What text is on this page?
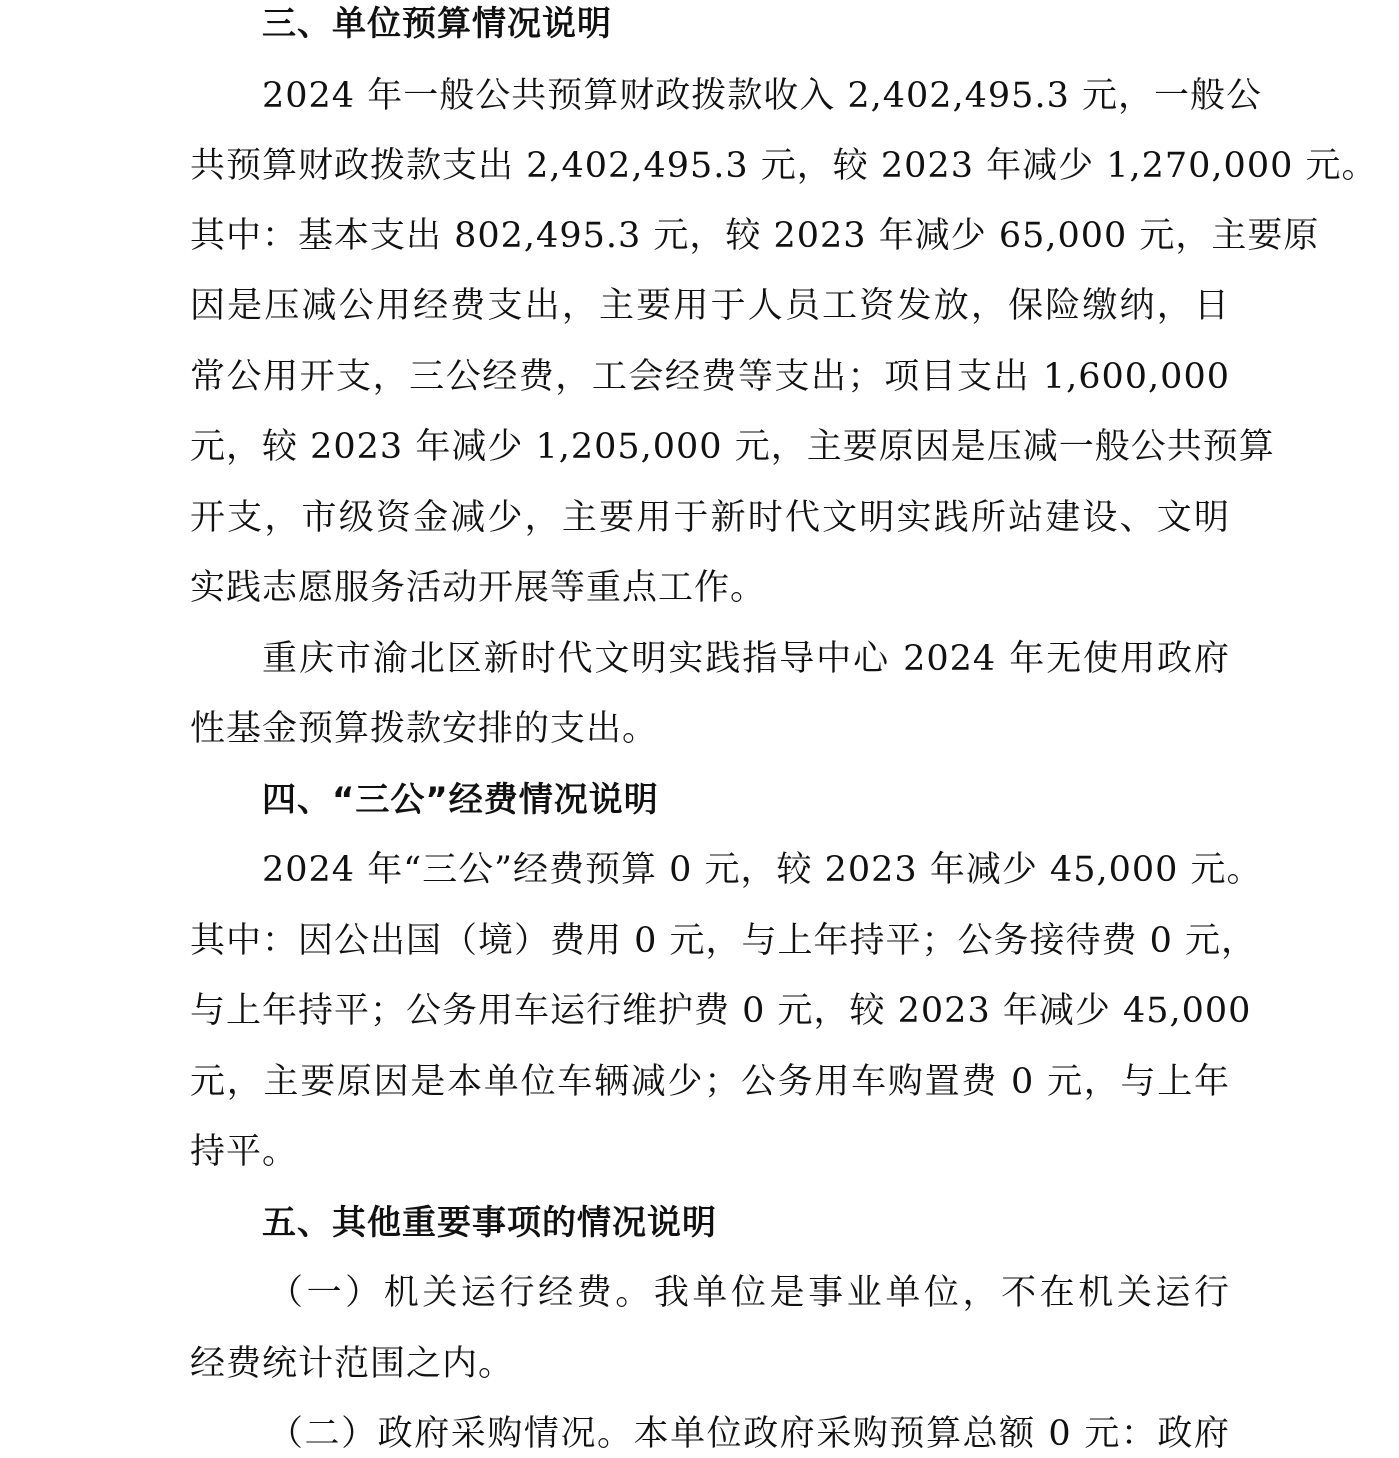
三、单位预算情况说明
2024 年一般公共预算财政拨款收入 2,402,495.3 元，一般公
共预算财政拨款支出 2,402,495.3 元，较 2023 年减少 1,270,000 元。
其中：基本支出 802,495.3 元，较 2023 年减少 65,000 元，主要原
因是压减公用经费支出，主要用于人员工资发放，保险缴纳，日
常公用开支，三公经费，工会经费等支出；项目支出 1,600,000
元，较 2023 年减少 1,205,000 元，主要原因是压减一般公共预算
开支，市级资金减少，主要用于新时代文明实践所站建设、文明
实践志愿服务活动开展等重点工作。
重庆市渝北区新时代文明实践指导中心 2024 年无使用政府
性基金预算拨款安排的支出。
四、“三公”经费情况说明
2024 年“三公”经费预算 0 元，较 2023 年减少 45,000 元。
其中：因公出国（境）费用 0 元，与上年持平；公务接待费 0 元，
与上年持平；公务用车运行维护费 0 元，较 2023 年减少 45,000
元，主要原因是本单位车辆减少；公务用车购置费 0 元，与上年
持平。
五、其他重要事项的情况说明
（一）机关运行经费。我单位是事业单位，不在机关运行
经费统计范围之内。
（二）政府采购情况。本单位政府采购预算总额 0 元：政府
